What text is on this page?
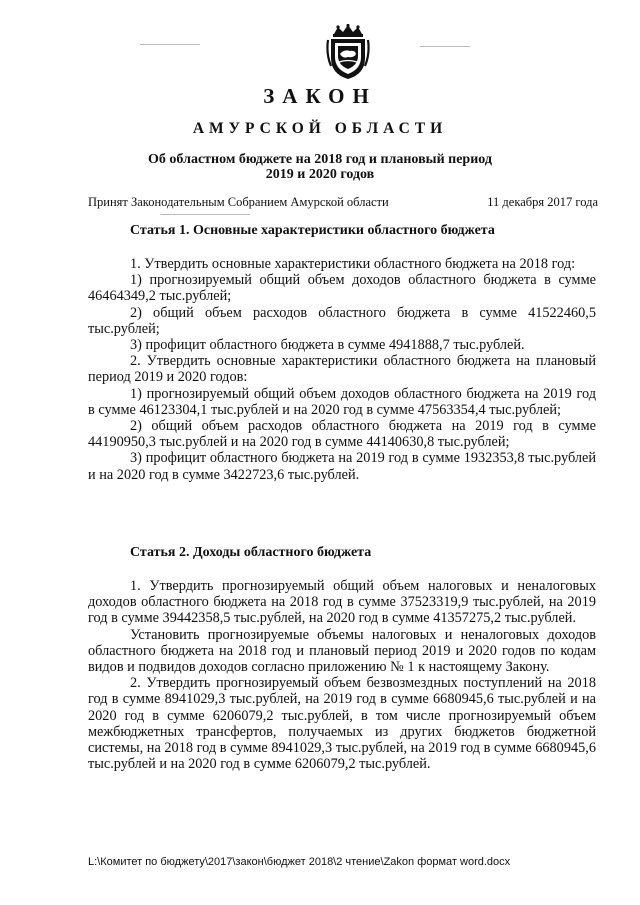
ЗАКОН
АМУРСКОЙ ОБЛАСТИ
Об областном бюджете на 2018 год и плановый период
2019 и 2020 годов
Принят Законодательным Собранием Амурской области	11 декабря 2017 года
Статья 1. Основные характеристики областного бюджета

1. Утвердить основные характеристики областного бюджета на 2018 год:

1) прогнозируемый общий объем доходов областного бюджета в сумме 46464349,2 тыс.рублей;

2) общий объем расходов областного бюджета в сумме 41522460,5 тыс.рублей;

3) профицит областного бюджета в сумме 4941888,7 тыс.рублей.

2. Утвердить основные характеристики областного бюджета на плановый период 2019 и 2020 годов:

1) прогнозируемый общий объем доходов областного бюджета на 2019 год в сумме 46123304,1 тыс.рублей и на 2020 год в сумме 47563354,4 тыс.рублей;

2) общий объем расходов областного бюджета на 2019 год в сумме 44190950,3 тыс.рублей и на 2020 год в сумме 44140630,8 тыс.рублей;

3) профицит областного бюджета на 2019 год в сумме 1932353,8 тыс.рублей и на 2020 год в сумме 3422723,6 тыс.рублей.

Статья 2. Доходы областного бюджета

1. Утвердить прогнозируемый общий объем налоговых и неналоговых доходов областного бюджета на 2018 год в сумме 37523319,9 тыс.рублей, на 2019 год в сумме 39442358,5 тыс.рублей, на 2020 год в сумме 41357275,2 тыс.рублей.

Установить прогнозируемые объемы налоговых и неналоговых доходов областного бюджета на 2018 год и плановый период 2019 и 2020 годов по кодам видов и подвидов доходов согласно приложению № 1 к настоящему Закону.

2. Утвердить прогнозируемый объем безвозмездных поступлений на 2018 год в сумме 8941029,3 тыс.рублей, на 2019 год в сумме 6680945,6 тыс.рублей и на 2020 год в сумме 6206079,2 тыс.рублей, в том числе прогнозируемый объем межбюджетных трансфертов, получаемых из других бюджетов бюджетной системы, на 2018 год в сумме 8941029,3 тыс.рублей, на 2019 год в сумме 6680945,6 тыс.рублей и на 2020 год в сумме 6206079,2 тыс.рублей.

L:\Комитет по бюджету\2017\закон\бюджет 2018\2 чтение\Zakon формат word.docx
